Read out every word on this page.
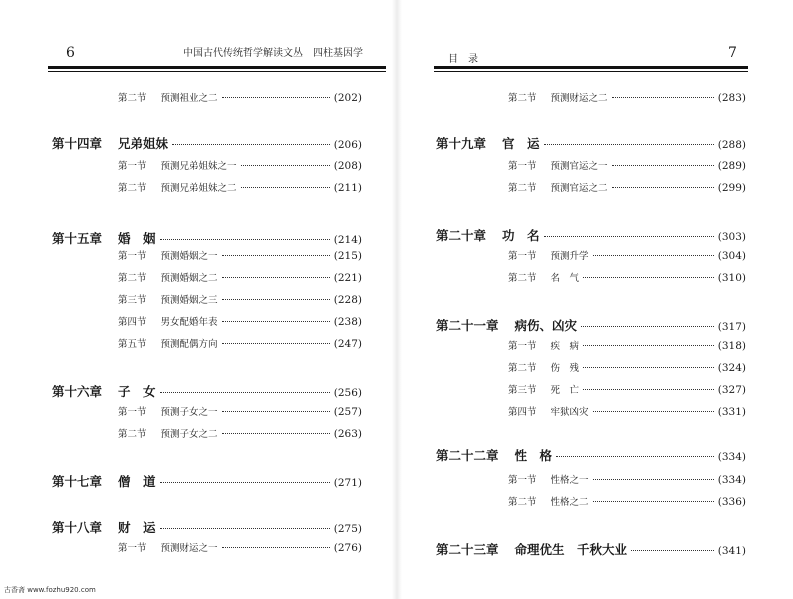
6	中国古代传统哲学解读文丛　四柱基因学
第二节 预测祖业之二	(202)
第十四章 兄弟姐妹	(206)
第一节 预测兄弟姐妹之一	(208)
第二节 预测兄弟姐妹之二	(211)
第十五章 婚　姻	(214)
第一节 预测婚姻之一	(215)
第二节 预测婚姻之二	(221)
第三节 预测婚姻之三	(228)
第四节 男女配婚年表	(238)
第五节 预测配偶方向	(247)
第十六章 子　女	(256)
第一节 预测子女之一	(257)
第二节 预测子女之二	(263)
第十七章 僧　道	(271)
第十八章 财　运	(275)
第一节 预测财运之一	(276)
目　录	7
第二节 预测财运之二	(283)
第十九章 官　运	(288)
第一节 预测官运之一	(289)
第二节 预测官运之二	(299)
第二十章 功　名	(303)
第一节 预测升学	(304)
第二节 名　气	(310)
第二十一章 病伤、凶灾	(317)
第一节 疾　病	(318)
第二节 伤　残	(324)
第三节 死　亡	(327)
第四节 牢狱凶灾	(331)
第二十二章 性　格	(334)
第一节 性格之一	(334)
第二节 性格之二	(336)
第二十三章 命理优生　千秋大业	(341)
古香斋 www.fozhu920.com
